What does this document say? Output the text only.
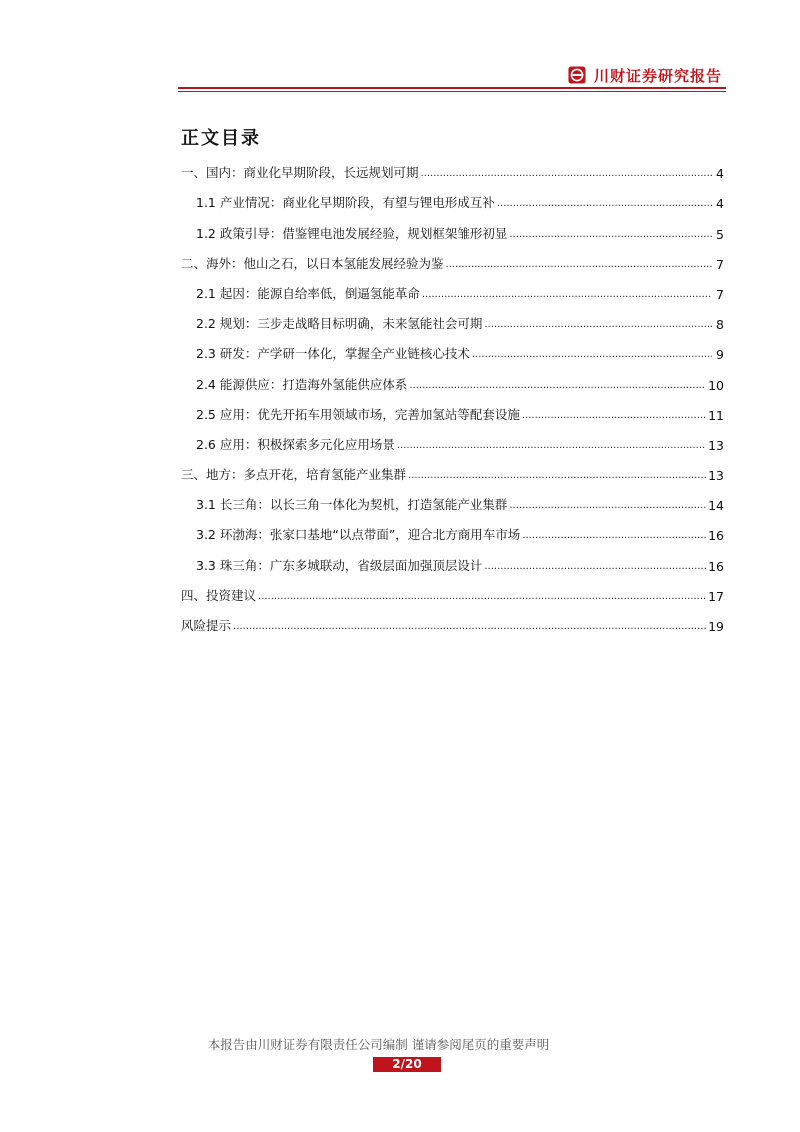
川财证券研究报告
正文目录
一、国内：商业化早期阶段，长远规划可期 .....	4
1.1 产业情况：商业化早期阶段，有望与锂电形成互补 .....	4
1.2 政策引导：借鉴锂电池发展经验，规划框架雏形初显 .....	5
二、海外：他山之石，以日本氢能发展经验为鉴 .....	7
2.1 起因：能源自给率低，倒逼氢能革命 .....	7
2.2 规划：三步走战略目标明确，未来氢能社会可期 .....	8
2.3 研发：产学研一体化，掌握全产业链核心技术 .....	9
2.4 能源供应：打造海外氢能供应体系 .....	10
2.5 应用：优先开拓车用领域市场，完善加氢站等配套设施 .....	11
2.6 应用：积极探索多元化应用场景 .....	13
三、地方：多点开花，培育氢能产业集群 .....	13
3.1 长三角：以长三角一体化为契机，打造氢能产业集群 .....	14
3.2 环渤海：张家口基地“以点带面”，迎合北方商用车市场 .....	16
3.3 珠三角：广东多城联动，省级层面加强顶层设计 .....	16
四、投资建议 .....	17
风险提示 .....	19
本报告由川财证券有限责任公司编制 谨请参阅尾页的重要声明
2/20
